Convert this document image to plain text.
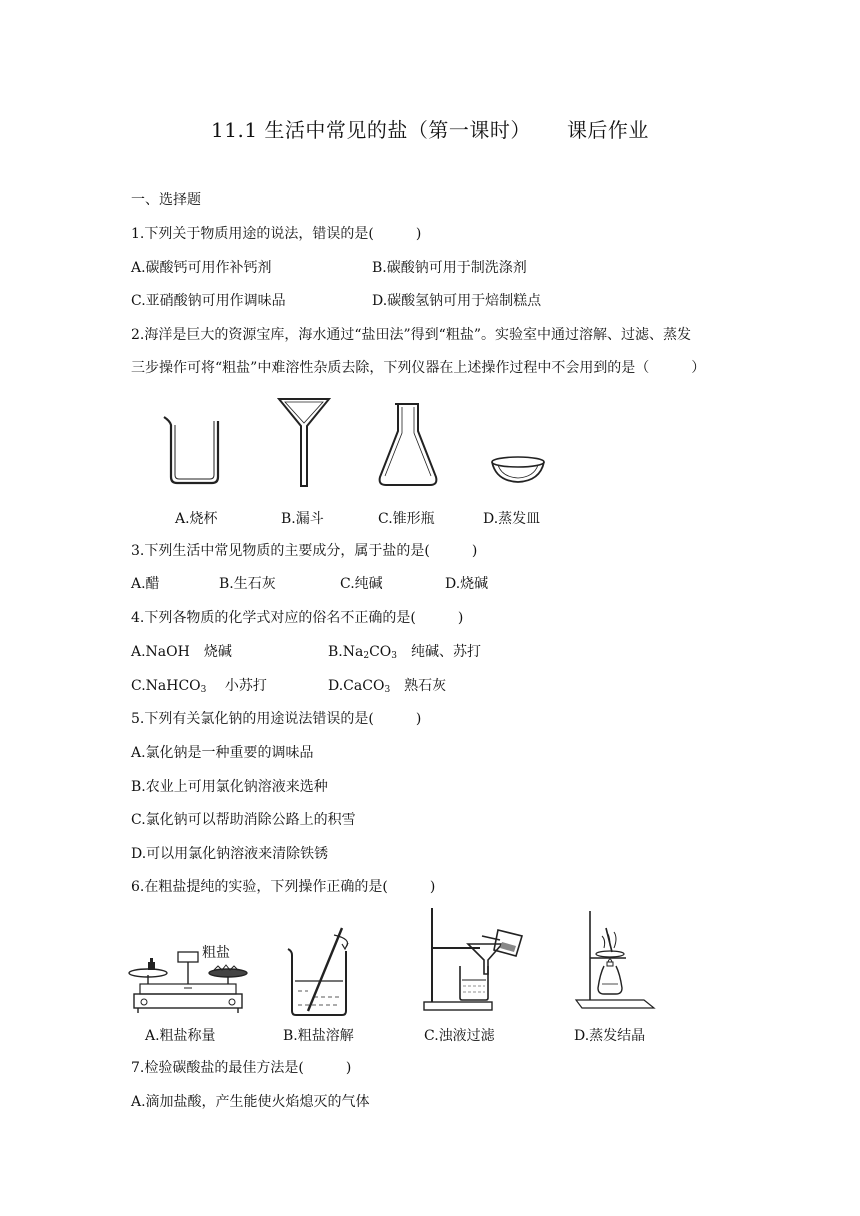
11.1 生活中常见的盐（第一课时） 课后作业
一、选择题
1.下列关于物质用途的说法，错误的是(　　　)
A.碳酸钙可用作补钙剂	B.碳酸钠可用于制洗涤剂
C.亚硝酸钠可用作调味品	D.碳酸氢钠可用于焙制糕点
2.海洋是巨大的资源宝库，海水通过“盐田法”得到“粗盐”。实验室中通过溶解、过滤、蒸发
三步操作可将“粗盐”中难溶性杂质去除，下列仪器在上述操作过程中不会用到的是（　　　）
A.烧杯	B.漏斗	C.锥形瓶	D.蒸发皿
3.下列生活中常见物质的主要成分，属于盐的是(　　　)
A.醋	B.生石灰	C.纯碱	D.烧碱
4.下列各物质的化学式对应的俗名不正确的是(　　　)
A.NaOH　烧碱	$B.Na_2CO_3$　纯碱、苏打
C.NaHCO$_3$　 小苏打	D.CaCO$_3$　熟石灰
5.下列有关氯化钠的用途说法错误的是(　　　)
A.氯化钠是一种重要的调味品
B.农业上可用氯化钠溶液来选种
C.氯化钠可以帮助消除公路上的积雪
D.可以用氯化钠溶液来清除铁锈
6.在粗盐提纯的实验，下列操作正确的是(　　　)
粗盐
A.粗盐称量	B.粗盐溶解	C.浊液过滤	D.蒸发结晶
7.检验碳酸盐的最佳方法是(　　　)
A.滴加盐酸，产生能使火焰熄灭的气体
